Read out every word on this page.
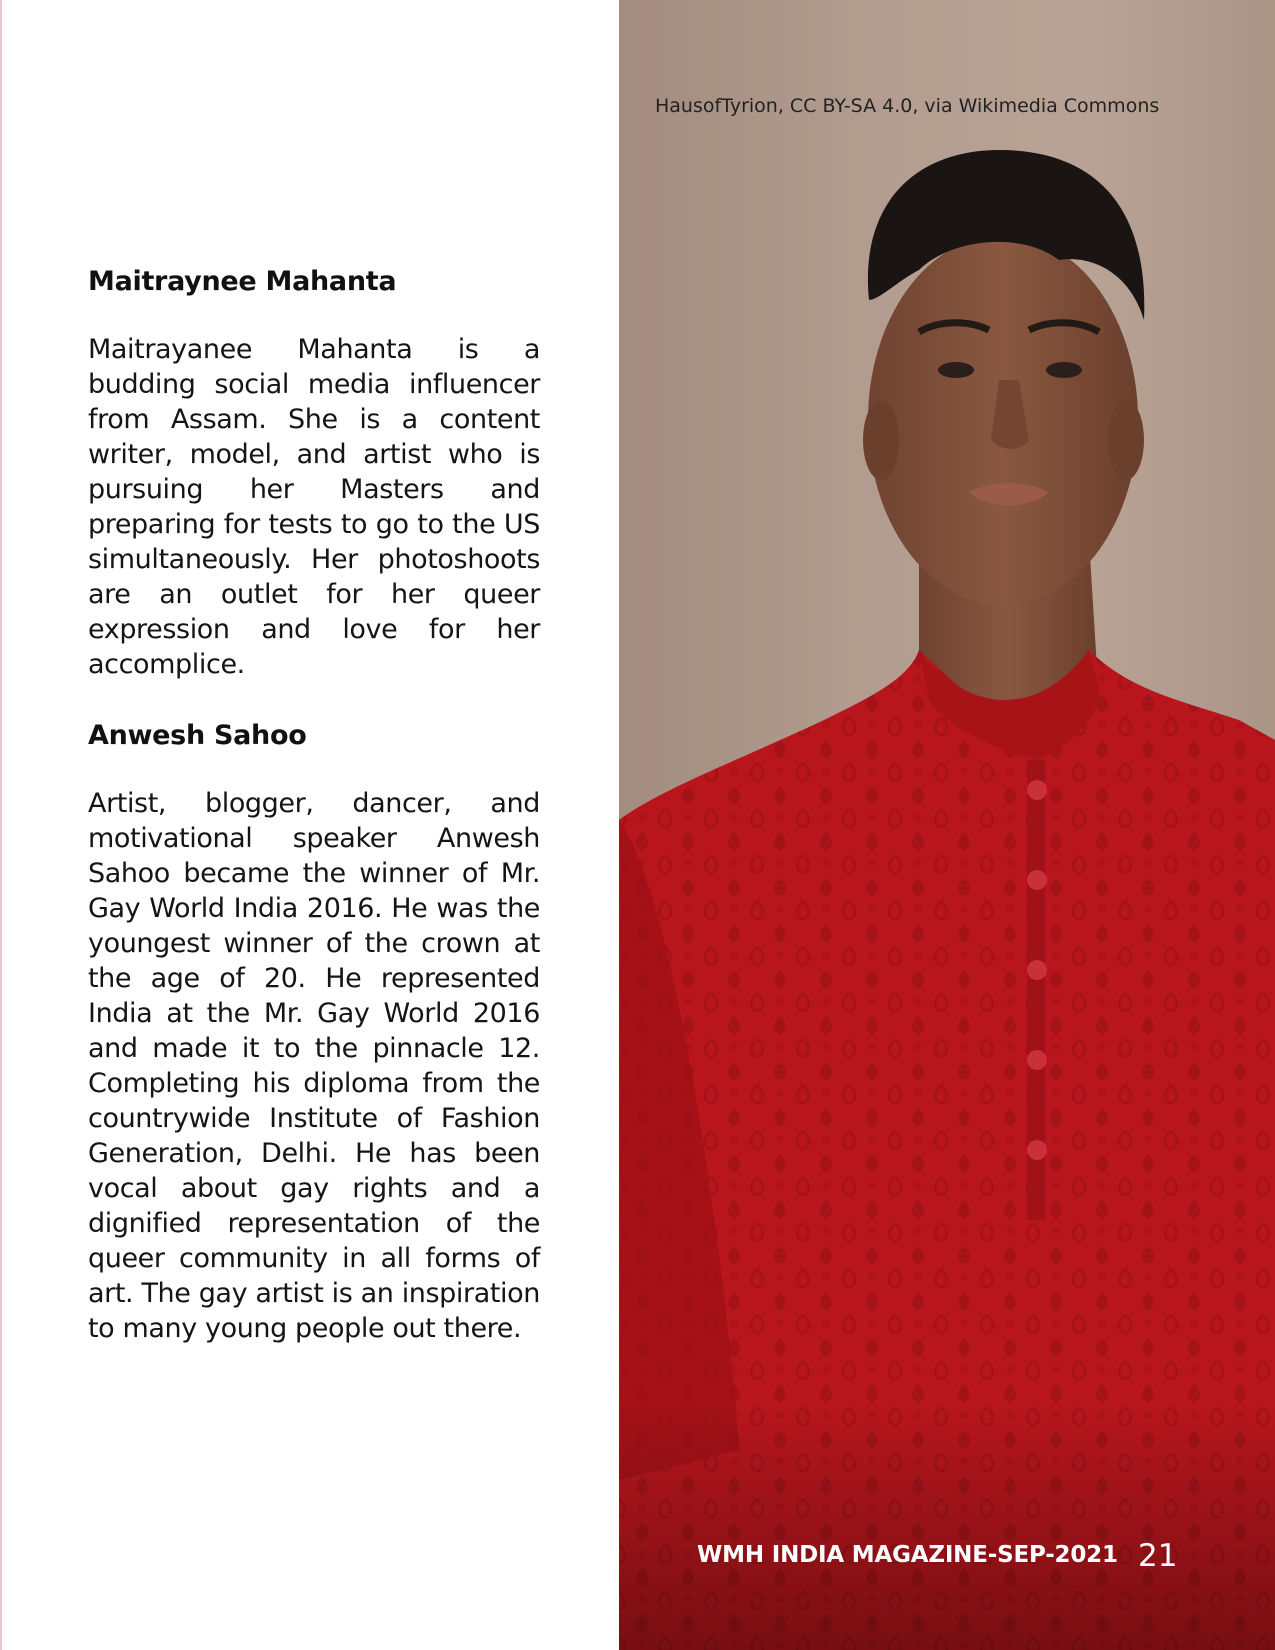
Maitraynee Mahanta

Maitrayanee Mahanta is a budding social media influencer from Assam. She is a content writer, model, and artist who is pursuing her Masters and preparing for tests to go to the US simultaneously. Her photoshoots are an outlet for her queer expression and love for her accomplice.

Anwesh Sahoo

Artist, blogger, dancer, and motivational speaker Anwesh Sahoo became the winner of Mr. Gay World India 2016. He was the youngest winner of the crown at the age of 20. He represented India at the Mr. Gay World 2016 and made it to the pinnacle 12. Completing his diploma from the countrywide Institute of Fashion Generation, Delhi. He has been vocal about gay rights and a dignified representation of the queer community in all forms of art. The gay artist is an inspiration to many young people out there.

HausofTyrion, CC BY-SA 4.0, via Wikimedia Commons
WMH INDIA MAGAZINE-SEP-2021 21
